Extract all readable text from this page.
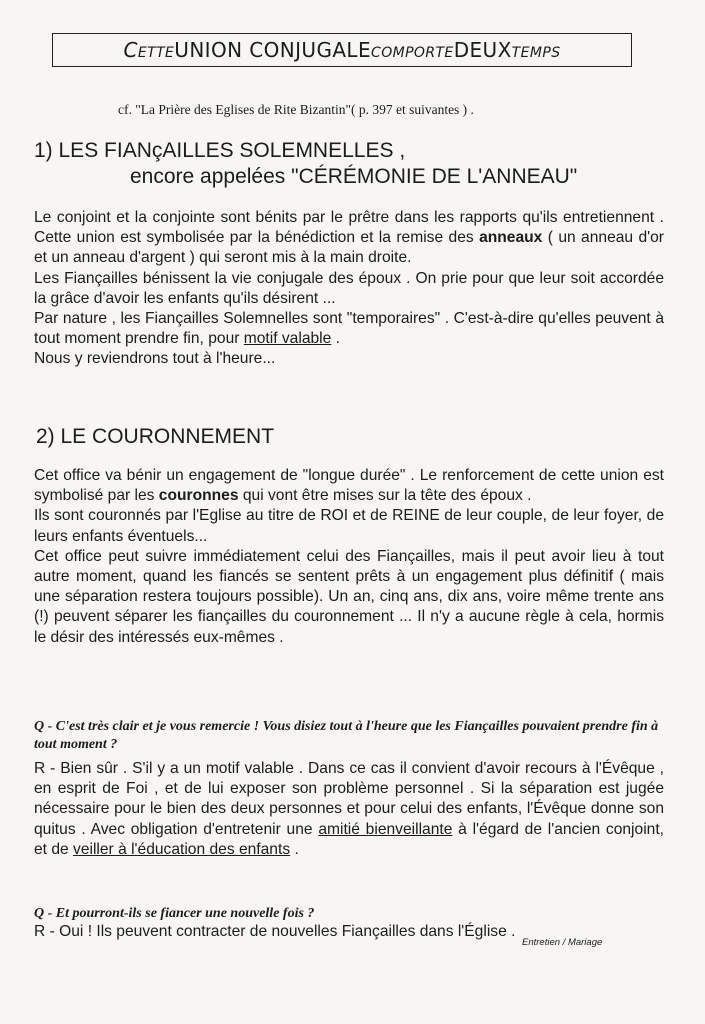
Cette UNION CONJUGALE comporte DEUX temps
cf. "La Prière des Eglises de Rite Bizantin"( p. 397 et suivantes ) .
1) LES FIANçAILLES SOLEMNELLES ,
encore appelées "CÉRÉMONIE DE L'ANNEAU"

Le conjoint et la conjointe sont bénits par le prêtre dans les rapports qu'ils entretiennent . Cette union est symbolisée par la bénédiction et la remise des anneaux ( un anneau d'or et un anneau d'argent ) qui seront mis à la main droite.
Les Fiançailles bénissent la vie conjugale des époux . On prie pour que leur soit accordée la grâce d'avoir les enfants qu'ils désirent ...
Par nature , les Fiançailles Solemnelles sont "temporaires" . C'est-à-dire qu'elles peuvent à tout moment prendre fin, pour motif valable .
Nous y reviendrons tout à l'heure...

2) LE COURONNEMENT

Cet office va bénir un engagement de "longue durée" . Le renforcement de cette union est symbolisé par les couronnes qui vont être mises sur la tête des époux .
Ils sont couronnés par l'Eglise au titre de ROI et de REINE de leur couple, de leur foyer, de leurs enfants éventuels...
Cet office peut suivre immédiatement celui des Fiançailles, mais il peut avoir lieu à tout autre moment, quand les fiancés se sentent prêts à un engagement plus définitif ( mais une séparation restera toujours possible). Un an, cinq ans, dix ans, voire même trente ans (!) peuvent séparer les fiançailles du couronnement ... Il n'y a aucune règle à cela, hormis le désir des intéressés eux-mêmes .

Q - C'est très clair et je vous remercie ! Vous disiez tout à l'heure que les Fiançailles pouvaient prendre fin à tout moment ?

R - Bien sûr . S'il y a un motif valable . Dans ce cas il convient d'avoir recours à l'Évêque , en esprit de Foi , et de lui exposer son problème personnel . Si la séparation est jugée nécessaire pour le bien des deux personnes et pour celui des enfants, l'Évêque donne son quitus . Avec obligation d'entretenir une amitié bienveillante à l'égard de l'ancien conjoint, et de veiller à l'éducation des enfants .

Q - Et pourront-ils se fiancer une nouvelle fois ?

R - Oui ! Ils peuvent contracter de nouvelles Fiançailles dans l'Église .

Entretien / Mariage
